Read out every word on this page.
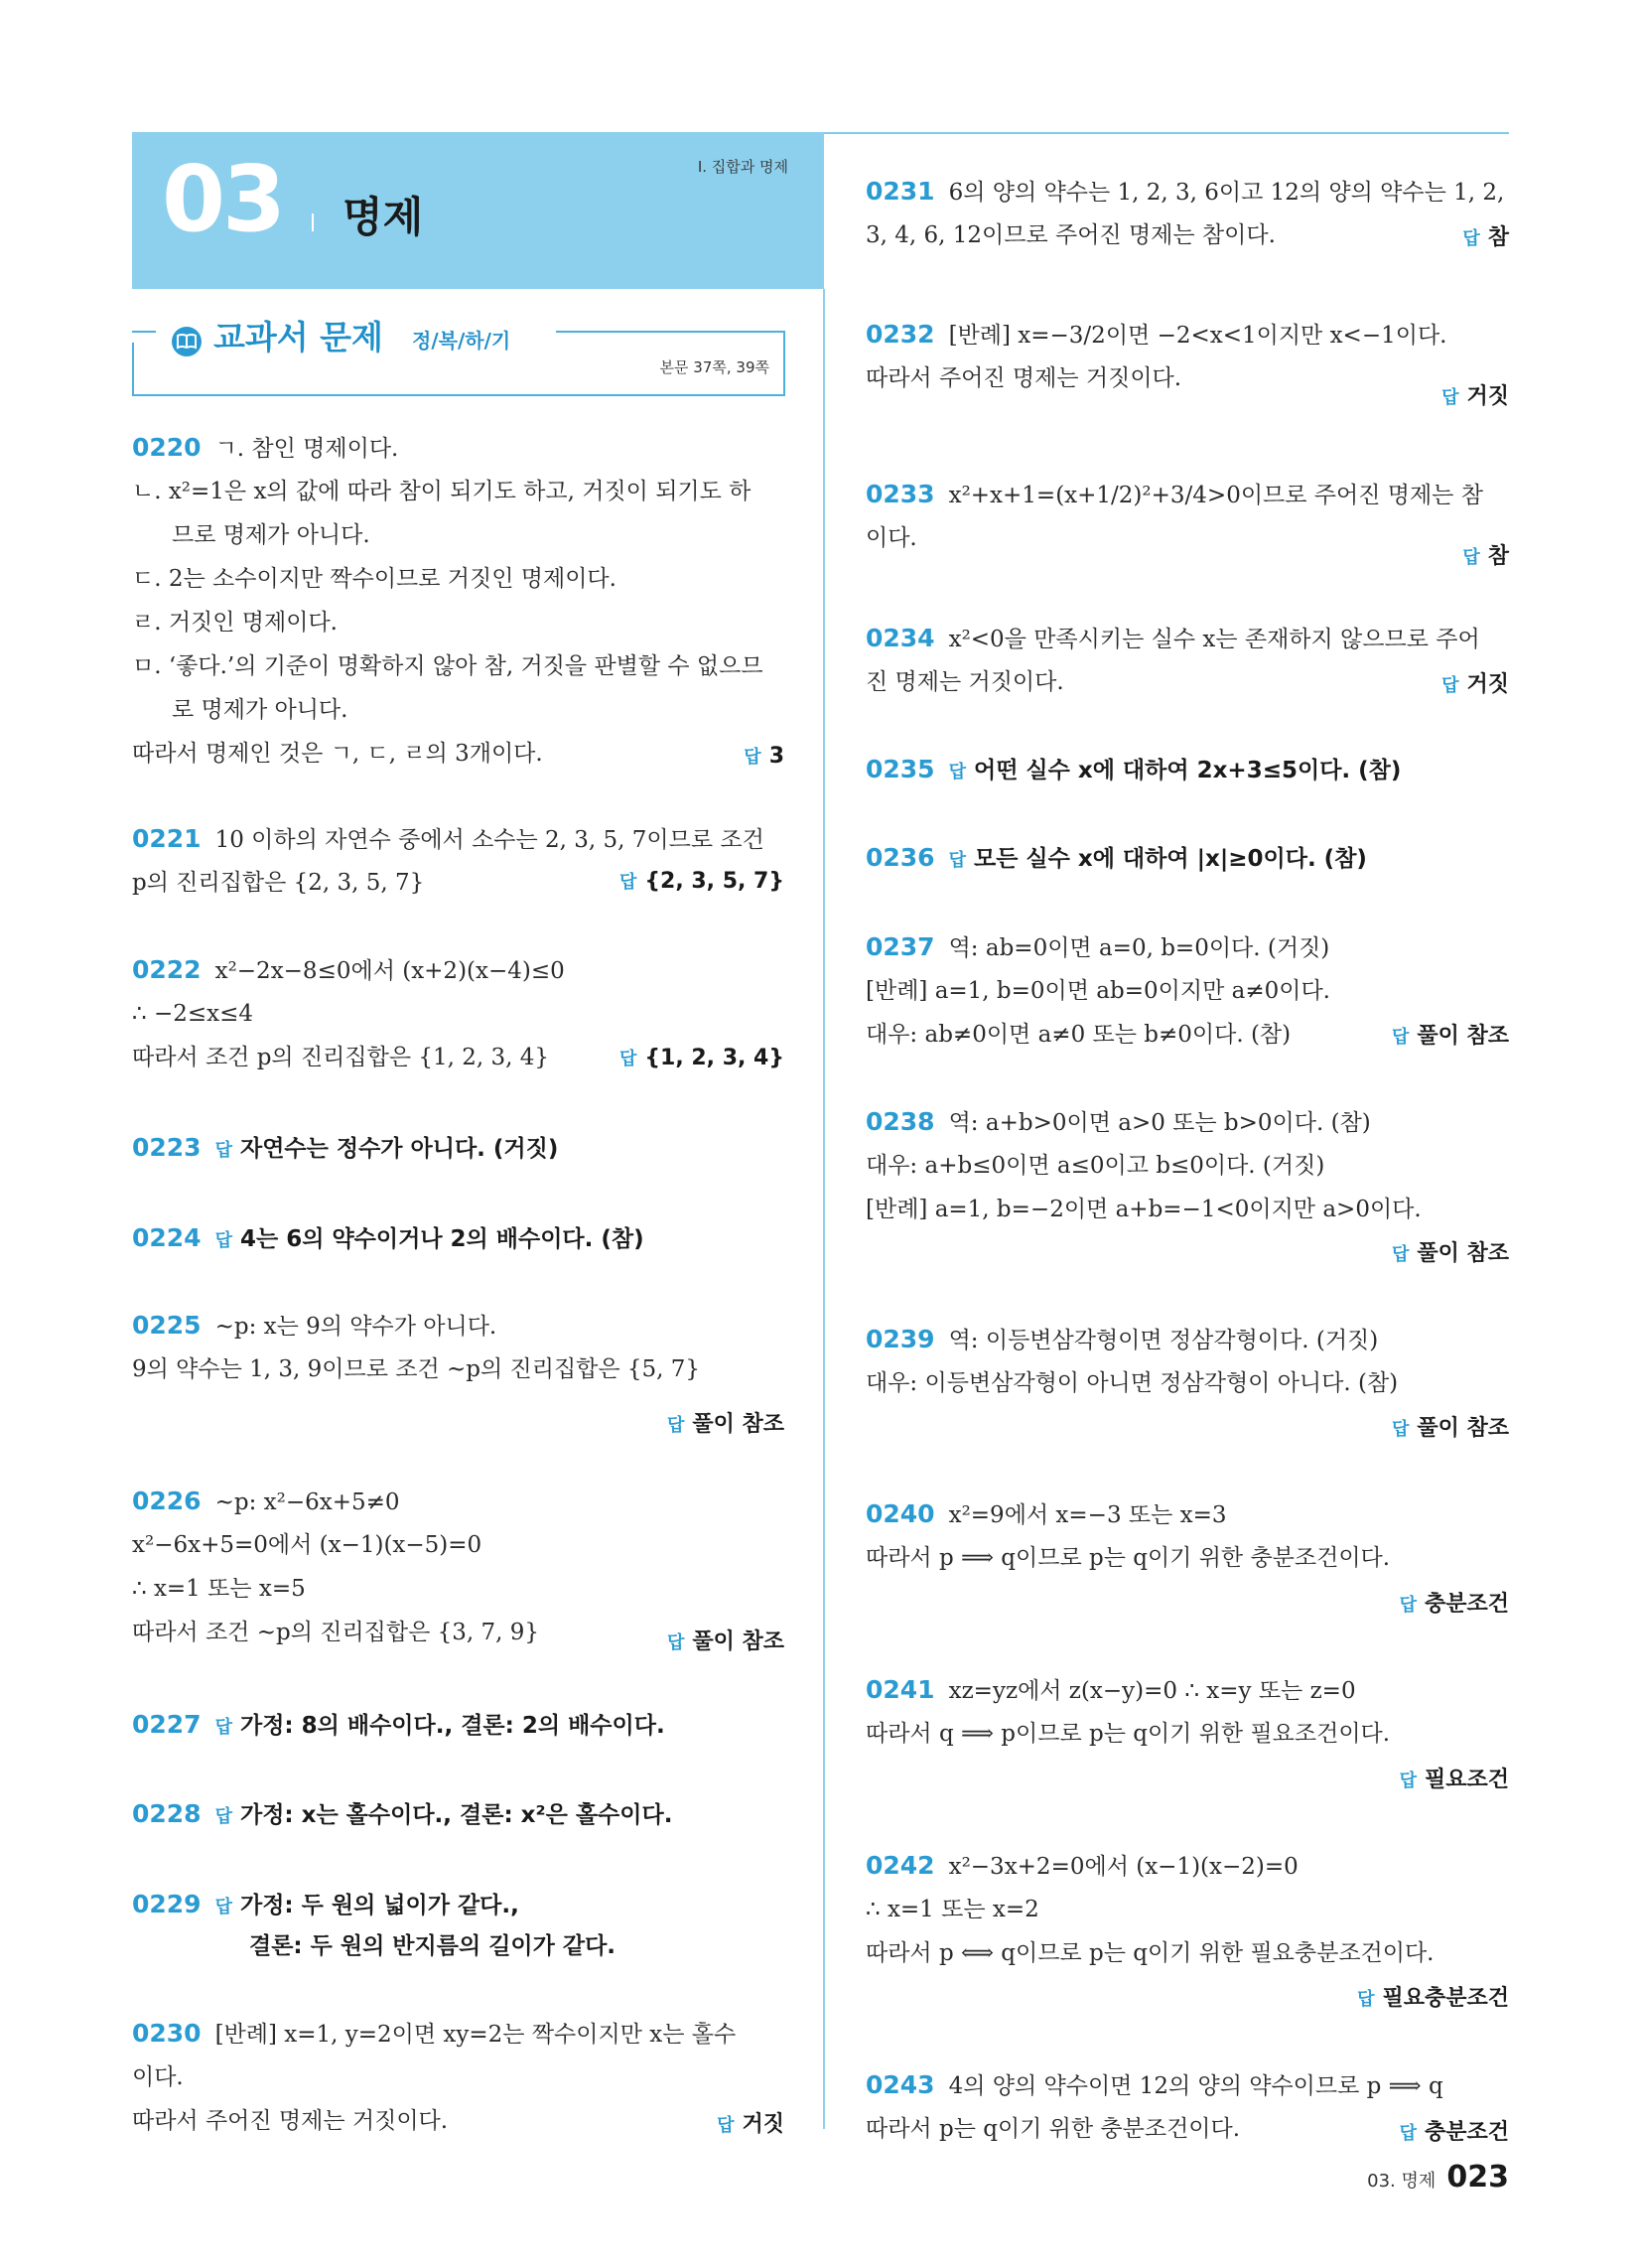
03 명제
Ⅰ. 집합과 명제
교과서 문제 정/복/하/기
본문 37쪽, 39쪽
03. 명제 023
0220 ㄱ. 참인 명제이다.
ㄴ. x²=1은 x의 값에 따라 참이 되기도 하고, 거짓이 되기도 하
므로 명제가 아니다.
ㄷ. 2는 소수이지만 짝수이므로 거짓인 명제이다.
ㄹ. 거짓인 명제이다.
ㅁ. ‘좋다.’의 기준이 명확하지 않아 참, 거짓을 판별할 수 없으므
로 명제가 아니다.
따라서 명제인 것은 ㄱ, ㄷ, ㄹ의 3개이다.	답 3
0221 10 이하의 자연수 중에서 소수는 2, 3, 5, 7이므로 조건
p의 진리집합은 {2, 3, 5, 7}	답 {2, 3, 5, 7}
0222 x²−2x−8≤0에서 (x+2)(x−4)≤0
∴ −2≤x≤4
따라서 조건 p의 진리집합은 {1, 2, 3, 4}	답 {1, 2, 3, 4}
0223 답 자연수는 정수가 아니다. (거짓)
0224 답 4는 6의 약수이거나 2의 배수이다. (참)
0225 ~p: x는 9의 약수가 아니다.
9의 약수는 1, 3, 9이므로 조건 ~p의 진리집합은 {5, 7}
답 풀이 참조
0226 ~p: x²−6x+5≠0
x²−6x+5=0에서 (x−1)(x−5)=0
∴ x=1 또는 x=5
따라서 조건 ~p의 진리집합은 {3, 7, 9}	답 풀이 참조
0227 답 가정: 8의 배수이다., 결론: 2의 배수이다.
0228 답 가정: x는 홀수이다., 결론: x²은 홀수이다.
0229 답 가정: 두 원의 넓이가 같다.,
결론: 두 원의 반지름의 길이가 같다.
0230 [반례] x=1, y=2이면 xy=2는 짝수이지만 x는 홀수
이다.
따라서 주어진 명제는 거짓이다.	답 거짓
0231 6의 양의 약수는 1, 2, 3, 6이고 12의 양의 약수는 1, 2,
3, 4, 6, 12이므로 주어진 명제는 참이다.	답 참
0232 [반례] x=−3/2이면 −2<x<1이지만 x<−1이다.
따라서 주어진 명제는 거짓이다.
답 거짓
0233 x²+x+1=(x+1/2)²+3/4>0이므로 주어진 명제는 참
이다.
답 참
0234 x²<0을 만족시키는 실수 x는 존재하지 않으므로 주어
진 명제는 거짓이다.	답 거짓
0235 답 어떤 실수 x에 대하여 2x+3≤5이다. (참)
0236 답 모든 실수 x에 대하여 |x|≥0이다. (참)
0237 역: ab=0이면 a=0, b=0이다. (거짓)
[반례] a=1, b=0이면 ab=0이지만 a≠0이다.
대우: ab≠0이면 a≠0 또는 b≠0이다. (참)	답 풀이 참조
0238 역: a+b>0이면 a>0 또는 b>0이다. (참)
대우: a+b≤0이면 a≤0이고 b≤0이다. (거짓)
[반례] a=1, b=−2이면 a+b=−1<0이지만 a>0이다.
답 풀이 참조
0239 역: 이등변삼각형이면 정삼각형이다. (거짓)
대우: 이등변삼각형이 아니면 정삼각형이 아니다. (참)
답 풀이 참조
0240 x²=9에서 x=−3 또는 x=3
따라서 p ⟹ q이므로 p는 q이기 위한 충분조건이다.
답 충분조건
0241 xz=yz에서 z(x−y)=0 ∴ x=y 또는 z=0
따라서 q ⟹ p이므로 p는 q이기 위한 필요조건이다.
답 필요조건
0242 x²−3x+2=0에서 (x−1)(x−2)=0
∴ x=1 또는 x=2
따라서 p ⟺ q이므로 p는 q이기 위한 필요충분조건이다.
답 필요충분조건
0243 4의 양의 약수이면 12의 양의 약수이므로 p ⟹ q
따라서 p는 q이기 위한 충분조건이다.	답 충분조건
